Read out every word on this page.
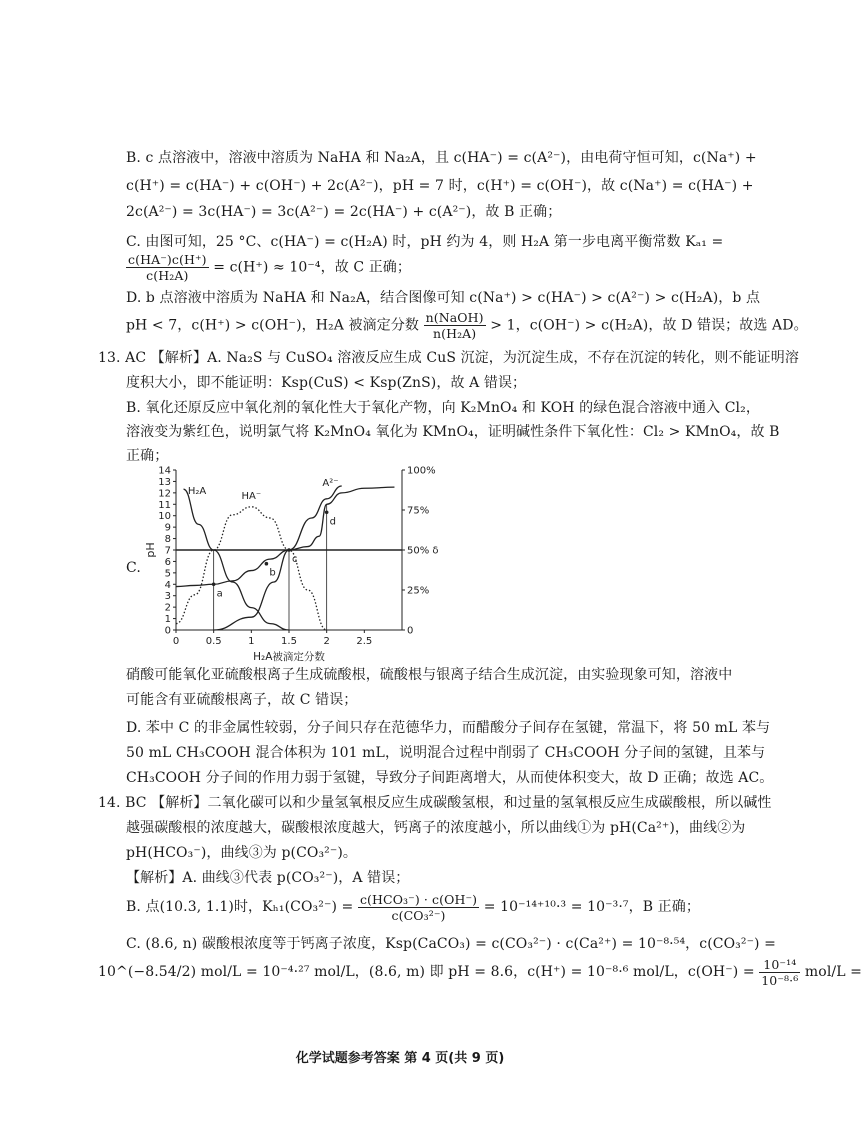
B. c 点溶液中，溶液中溶质为 NaHA 和 Na₂A，且 c(HA⁻) = c(A²⁻)，由电荷守恒可知，c(Na⁺) +
c(H⁺) = c(HA⁻) + c(OH⁻) + 2c(A²⁻)，pH = 7 时，c(H⁺) = c(OH⁻)，故 c(Na⁺) = c(HA⁻) +
2c(A²⁻) = 3c(HA⁻) = 3c(A²⁻) = 2c(HA⁻) + c(A²⁻)，故 B 正确；
C. 由图可知，25 °C、c(HA⁻) = c(H₂A) 时，pH 约为 4，则 H₂A 第一步电离平衡常数 Kₐ₁ =
$\frac{c(HA^-)c(H^+)}{\text{c(H₂A)}} = c(H^+) \approx 10^{-4}$，故 C 正确；
D. b 点溶液中溶质为 NaHA 和 Na₂A，结合图像可知 c(Na⁺) > c(HA⁻) > c(A²⁻) > c(H₂A)，b 点
pH < 7，c(H⁺) > c(OH⁻)，H₂A 被滴定分数 $\frac{\text{n(NaOH)}}{\text{n(H₂A)}} > 1$，c(OH⁻) > c(H₂A)，故 D 错误；故选 AD。
13. AC 【解析】A. Na₂S 与 CuSO₄ 溶液反应生成 CuS 沉淀，为沉淀生成，不存在沉淀的转化，则不能证明溶
度积大小，即不能证明：Ksp(CuS) < Ksp(ZnS)，故 A 错误；
B. 氧化还原反应中氧化剂的氧化性大于氧化产物，向 K₂MnO₄ 和 KOH 的绿色混合溶液中通入 Cl₂，
溶液变为紫红色，说明氯气将 K₂MnO₄ 氧化为 KMnO₄，证明碱性条件下氧化性：Cl₂ > KMnO₄，故 B
正确；
C.
0
1
2
3
4
5
6
7
8
9
10
11
12
13
14
0
25%
50% δ
75%
100%
0	0.5	1	1.5	2	2.5
H₂A被滴定分数
pH
H₂A	HA⁻
A²⁻
a
b
c
d
硝酸可能氧化亚硫酸根离子生成硫酸根，硫酸根与银离子结合生成沉淀，由实验现象可知，溶液中
可能含有亚硫酸根离子，故 C 错误；
D. 苯中 C 的非金属性较弱，分子间只存在范德华力，而醋酸分子间存在氢键，常温下，将 50 mL 苯与
50 mL CH₃COOH 混合体积为 101 mL，说明混合过程中削弱了 CH₃COOH 分子间的氢键，且苯与
CH₃COOH 分子间的作用力弱于氢键，导致分子间距离增大，从而使体积变大，故 D 正确；故选 AC。
14. BC 【解析】二氧化碳可以和少量氢氧根反应生成碳酸氢根，和过量的氢氧根反应生成碳酸根，所以碱性
越强碳酸根的浓度越大，碳酸根浓度越大，钙离子的浓度越小，所以曲线①为 pH(Ca²⁺)，曲线②为
pH(HCO₃⁻)，曲线③为 p(CO₃²⁻)。
【解析】A. 曲线③代表 p(CO₃²⁻)，A 错误；
B. 点(10.3, 1.1)时，$K_{h1}(CO_3^{2-}) = \frac{\text{c(HCO₃⁻) · c(OH⁻)}}{\text{c(CO₃²⁻)}} = 10^{-14+10}\cdot^3 = 10^{-3}\cdot^7$，B 正确；
C. (8.6, n) 碳酸根浓度等于钙离子浓度，Ksp(CaCO₃) = c(CO₃²⁻) · c(Ca²⁺) = 10⁻⁸·⁵⁴，c(CO₃²⁻) =
10^(−8.54/2) mol/L = 10⁻⁴·²⁷ mol/L，(8.6, m) 即 pH = 8.6，c(H⁺) = 10⁻⁸·⁶ mol/L，$c(OH^-) = \frac{\text{10⁻¹⁴}}{\text{10⁻⁸·⁶}} mol/L$ =
化学试题参考答案 第 4 页(共 9 页)
